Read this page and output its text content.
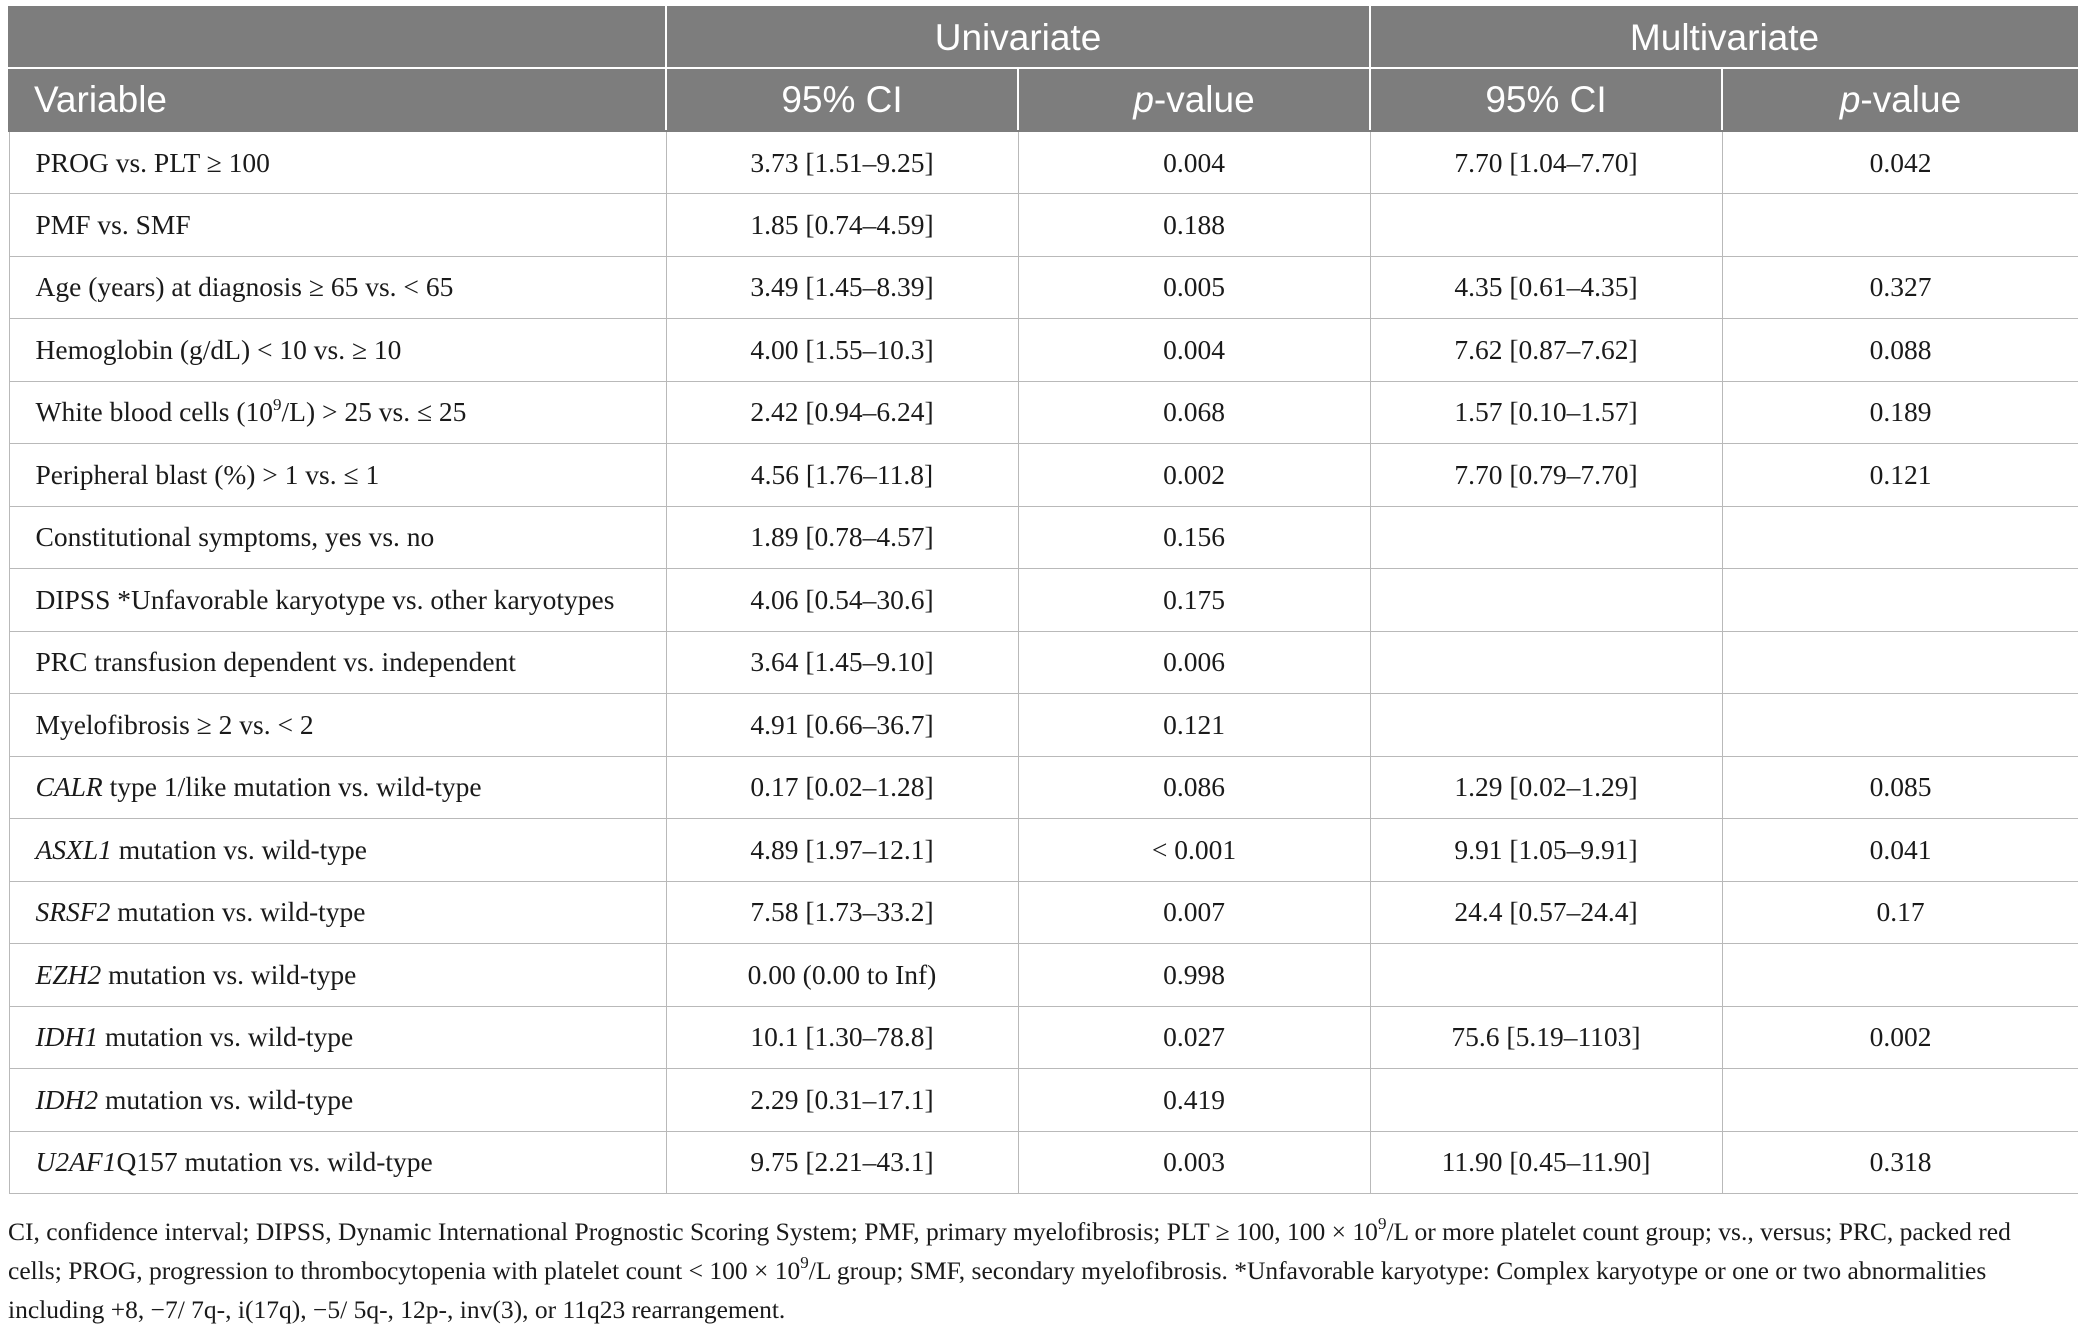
	Univariate		Multivariate	
Variable	95% CI	p-value	95% CI	p-value
PROG vs. PLT ≥ 100	3.73 [1.51–9.25]	0.004	7.70 [1.04–7.70]	0.042
PMF vs. SMF	1.85 [0.74–4.59]	0.188		
Age (years) at diagnosis ≥ 65 vs. < 65	3.49 [1.45–8.39]	0.005	4.35 [0.61–4.35]	0.327
Hemoglobin (g/dL) < 10 vs. ≥ 10	4.00 [1.55–10.3]	0.004	7.62 [0.87–7.62]	0.088
White blood cells $(10^9/L) > 25$ vs. ≤ 25	2.42 [0.94–6.24]	0.068	1.57 [0.10–1.57]	0.189
Peripheral blast (%) > 1 vs. ≤ 1	4.56 [1.76–11.8]	0.002	7.70 [0.79–7.70]	0.121
Constitutional symptoms, yes vs. no	1.89 [0.78–4.57]	0.156		
DIPSS *Unfavorable karyotype vs. other karyotypes	4.06 [0.54–30.6]	0.175		
PRC transfusion dependent vs. independent	3.64 [1.45–9.10]	0.006		
Myelofibrosis ≥ 2 vs. < 2	4.91 [0.66–36.7]	0.121		
CALR type 1/like mutation vs. wild-type	0.17 [0.02–1.28]	0.086	1.29 [0.02–1.29]	0.085
ASXL1 mutation vs. wild-type	4.89 [1.97–12.1]	< 0.001	9.91 [1.05–9.91]	0.041
SRSF2 mutation vs. wild-type	7.58 [1.73–33.2]	0.007	24.4 [0.57–24.4]	0.17
EZH2 mutation vs. wild-type	0.00 (0.00 to Inf)	0.998		
IDH1 mutation vs. wild-type	10.1 [1.30–78.8]	0.027	75.6 [5.19–1103]	0.002
IDH2 mutation vs. wild-type	2.29 [0.31–17.1]	0.419		
U2AF1Q157 mutation vs. wild-type	9.75 [2.21–43.1]	0.003	11.90 [0.45–11.90]	0.318

CI, confidence interval; DIPSS, Dynamic International Prognostic Scoring System; PMF, primary myelofibrosis; PLT ≥ 100, $100 \times 10^9/L$ or more platelet count group; vs., versus; PRC, packed red cells; PROG, progression to thrombocytopenia with platelet count < $100 \times 10^9/L$ group; SMF, secondary myelofibrosis. *Unfavorable karyotype: Complex karyotype or one or two abnormalities including +8, −7/ 7q-, i(17q), −5/ 5q-, 12p-, inv(3), or 11q23 rearrangement.
